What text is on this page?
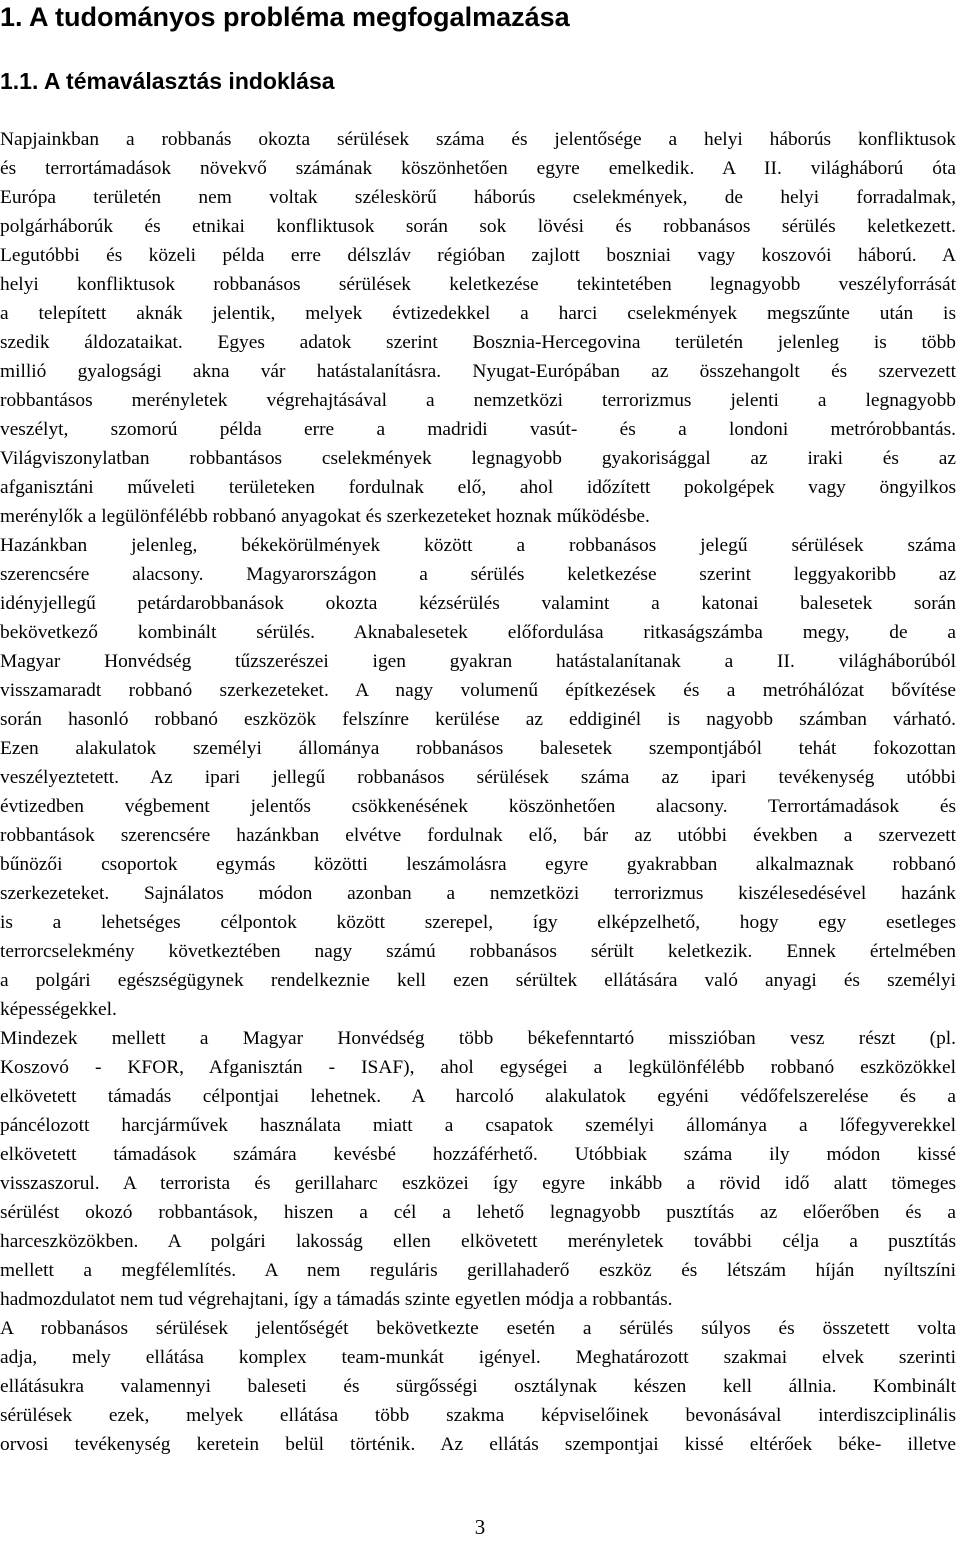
1. A tudományos probléma megfogalmazása
1.1. A témaválasztás indoklása
Napjainkban a robbanás okozta sérülések száma és jelentősége a helyi háborús konfliktusok
és terrortámadások növekvő számának köszönhetően egyre emelkedik. A II. világháború óta
Európa területén nem voltak széleskörű háborús cselekmények, de helyi forradalmak,
polgárháborúk és etnikai konfliktusok során sok lövési és robbanásos sérülés keletkezett.
Legutóbbi és közeli példa erre délszláv régióban zajlott boszniai vagy koszovói háború. A
helyi konfliktusok robbanásos sérülések keletkezése tekintetében legnagyobb veszélyforrását
a telepített aknák jelentik, melyek évtizedekkel a harci cselekmények megszűnte után is
szedik áldozataikat. Egyes adatok szerint Bosznia-Hercegovina területén jelenleg is több
millió gyalogsági akna vár hatástalanításra. Nyugat-Európában az összehangolt és szervezett
robbantásos merényletek végrehajtásával a nemzetközi terrorizmus jelenti a legnagyobb
veszélyt, szomorú példa erre a madridi vasút- és a londoni metrórobbantás.
Világviszonylatban robbantásos cselekmények legnagyobb gyakorisággal az iraki és az
afganisztáni műveleti területeken fordulnak elő, ahol időzített pokolgépek vagy öngyilkos
merénylők a legülönfélébb robbanó anyagokat és szerkezeteket hoznak működésbe.
Hazánkban jelenleg, békekörülmények között a robbanásos jelegű sérülések száma
szerencsére alacsony. Magyarországon a sérülés keletkezése szerint leggyakoribb az
idényjellegű petárdarobbanások okozta kézsérülés valamint a katonai balesetek során
bekövetkező kombinált sérülés. Aknabalesetek előfordulása ritkaságszámba megy, de a
Magyar Honvédség tűzszerészei igen gyakran hatástalanítanak a II. világháborúból
visszamaradt robbanó szerkezeteket. A nagy volumenű építkezések és a metróhálózat bővítése
során hasonló robbanó eszközök felszínre kerülése az eddiginél is nagyobb számban várható.
Ezen alakulatok személyi állománya robbanásos balesetek szempontjából tehát fokozottan
veszélyeztetett. Az ipari jellegű robbanásos sérülések száma az ipari tevékenység utóbbi
évtizedben végbement jelentős csökkenésének köszönhetően alacsony. Terrortámadások és
robbantások szerencsére hazánkban elvétve fordulnak elő, bár az utóbbi években a szervezett
bűnözői csoportok egymás közötti leszámolásra egyre gyakrabban alkalmaznak robbanó
szerkezeteket. Sajnálatos módon azonban a nemzetközi terrorizmus kiszélesedésével hazánk
is a lehetséges célpontok között szerepel, így elképzelhető, hogy egy esetleges
terrorcselekmény következtében nagy számú robbanásos sérült keletkezik. Ennek értelmében
a polgári egészségügynek rendelkeznie kell ezen sérültek ellátására való anyagi és személyi
képességekkel.
Mindezek mellett a Magyar Honvédség több békefenntartó misszióban vesz részt (pl.
Koszovó - KFOR, Afganisztán - ISAF), ahol egységei a legkülönfélébb robbanó eszközökkel
elkövetett támadás célpontjai lehetnek. A harcoló alakulatok egyéni védőfelszerelése és a
páncélozott harcjárművek használata miatt a csapatok személyi állománya a lőfegyverekkel
elkövetett támadások számára kevésbé hozzáférhető. Utóbbiak száma ily módon kissé
visszaszorul. A terrorista és gerillaharc eszközei így egyre inkább a rövid idő alatt tömeges
sérülést okozó robbantások, hiszen a cél a lehető legnagyobb pusztítás az előerőben és a
harceszközökben. A polgári lakosság ellen elkövetett merényletek további célja a pusztítás
mellett a megfélemlítés. A nem reguláris gerillahaderő eszköz és létszám híján nyíltszíni
hadmozdulatot nem tud végrehajtani, így a támadás szinte egyetlen módja a robbantás.
A robbanásos sérülések jelentőségét bekövetkezte esetén a sérülés súlyos és összetett volta
adja, mely ellátása komplex team-munkát igényel. Meghatározott szakmai elvek szerinti
ellátásukra valamennyi baleseti és sürgősségi osztálynak készen kell állnia. Kombinált
sérülések ezek, melyek ellátása több szakma képviselőinek bevonásával interdiszciplinális
orvosi tevékenység keretein belül történik. Az ellátás szempontjai kissé eltérőek béke- illetve

3
